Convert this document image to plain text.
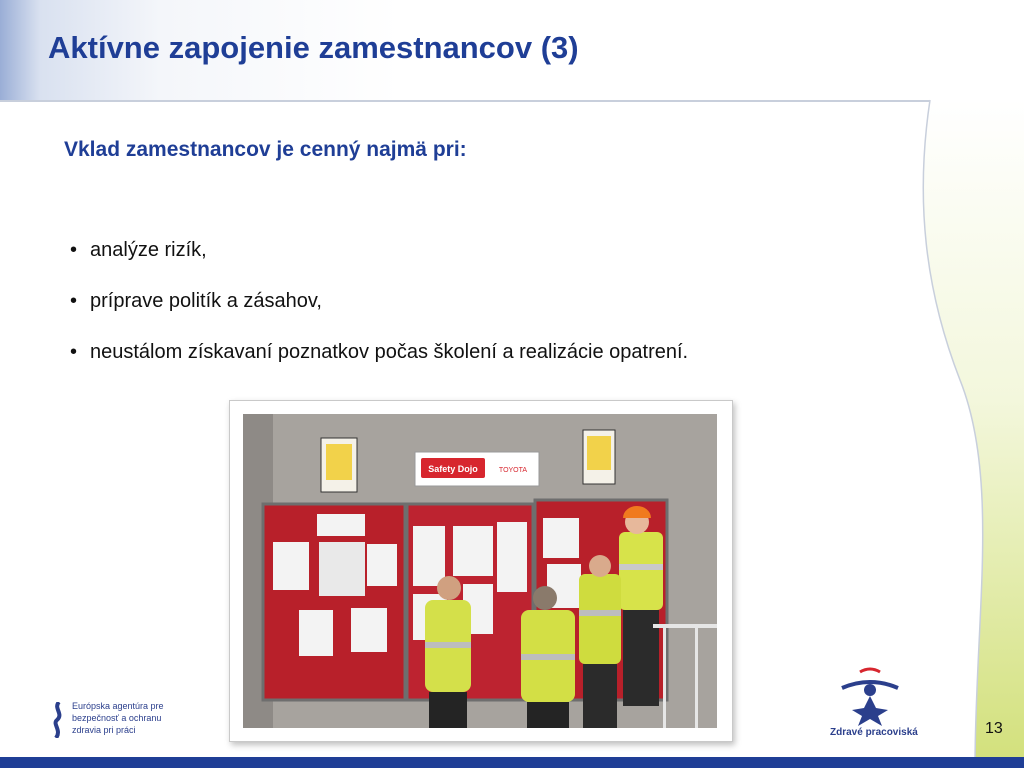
Aktívne zapojenie zamestnancov (3)
Vklad zamestnancov je cenný najmä pri:
• analýze rizík,
• príprave politík a zásahov,
• neustálom získavaní poznatkov počas školení a realizácie opatrení.
Safety Dojo	TOYOTA
Európska agentúra pre
bezpečnosť a ochranu
zdravia pri práci	Zdravé pracoviská	13
